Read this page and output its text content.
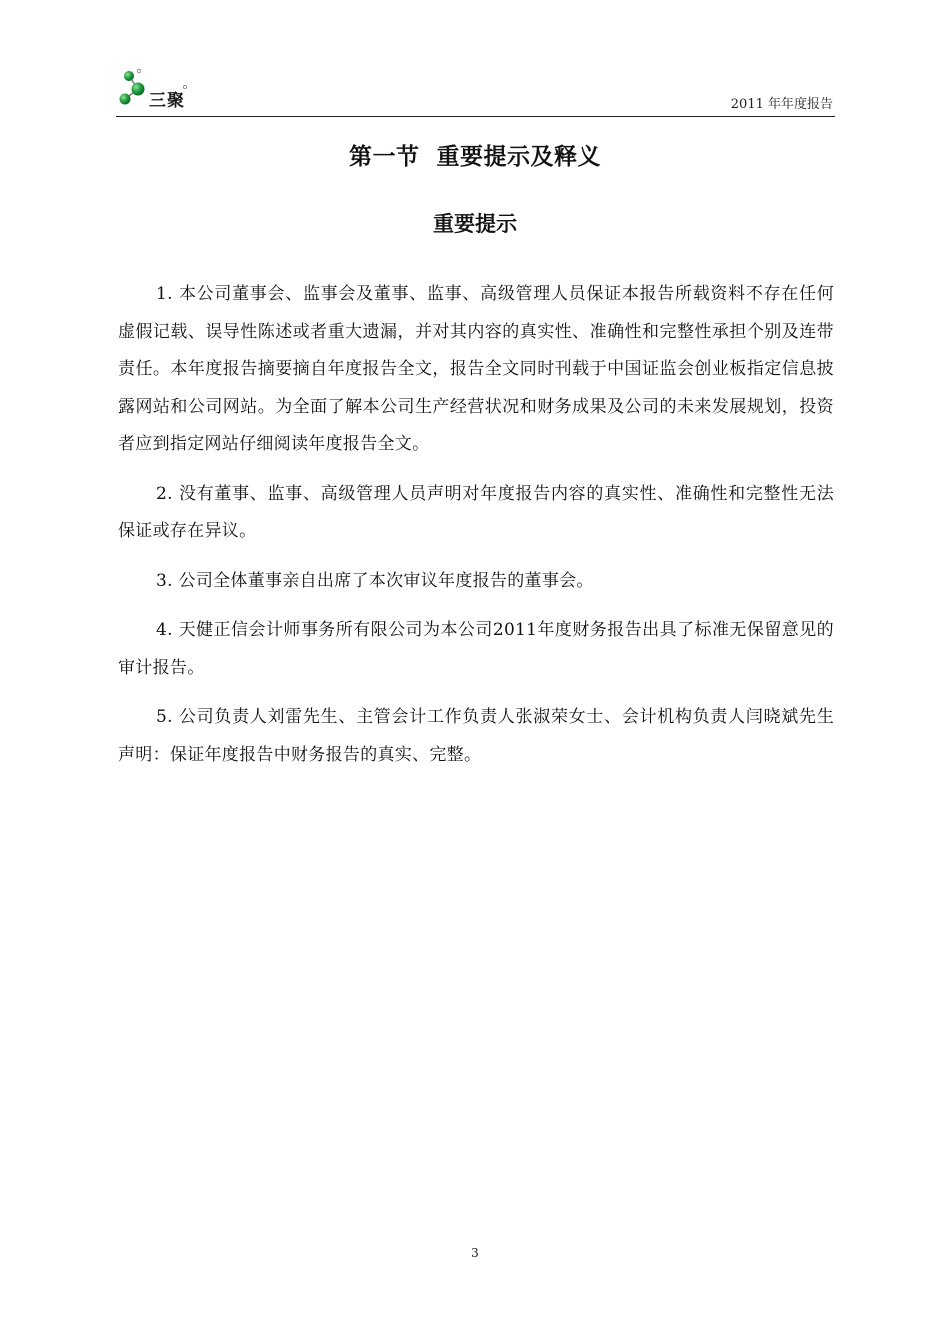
三聚	2011 年年度报告
第一节  重要提示及释义
重要提示

1. 本公司董事会、监事会及董事、监事、高级管理人员保证本报告所载资料不存在任何虚假记载、误导性陈述或者重大遗漏，并对其内容的真实性、准确性和完整性承担个别及连带责任。本年度报告摘要摘自年度报告全文，报告全文同时刊载于中国证监会创业板指定信息披露网站和公司网站。为全面了解本公司生产经营状况和财务成果及公司的未来发展规划，投资者应到指定网站仔细阅读年度报告全文。

2. 没有董事、监事、高级管理人员声明对年度报告内容的真实性、准确性和完整性无法保证或存在异议。

3. 公司全体董事亲自出席了本次审议年度报告的董事会。

4. 天健正信会计师事务所有限公司为本公司2011年度财务报告出具了标准无保留意见的审计报告。

5. 公司负责人刘雷先生、主管会计工作负责人张淑荣女士、会计机构负责人闫晓斌先生声明：保证年度报告中财务报告的真实、完整。

3
